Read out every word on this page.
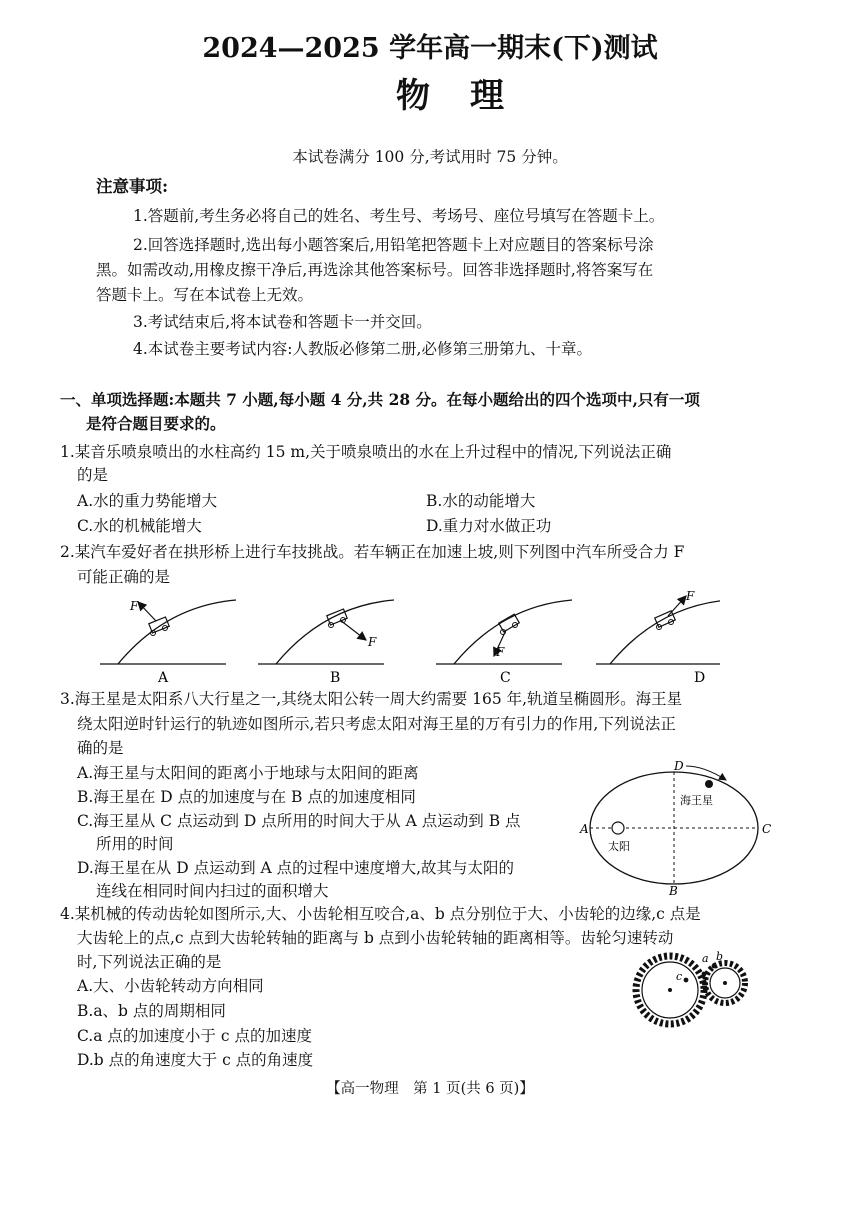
2024—2025 学年高一期末(下)测试
物理
本试卷满分 100 分,考试用时 75 分钟。
注意事项:
1.答题前,考生务必将自己的姓名、考生号、考场号、座位号填写在答题卡上。
2.回答选择题时,选出每小题答案后,用铅笔把答题卡上对应题目的答案标号涂
黑。如需改动,用橡皮擦干净后,再选涂其他答案标号。回答非选择题时,将答案写在
答题卡上。写在本试卷上无效。
3.考试结束后,将本试卷和答题卡一并交回。
4.本试卷主要考试内容:人教版必修第二册,必修第三册第九、十章。
一、单项选择题:本题共 7 小题,每小题 4 分,共 28 分。在每小题给出的四个选项中,只有一项
是符合题目要求的。
1.某音乐喷泉喷出的水柱高约 15 m,关于喷泉喷出的水在上升过程中的情况,下列说法正确
的是
A.水的重力势能增大	B.水的动能增大
C.水的机械能增大	D.重力对水做正功
2.某汽车爱好者在拱形桥上进行车技挑战。若车辆正在加速上坡,则下列图中汽车所受合力 F
可能正确的是
F
A
F
B
F
C
F
D
3.海王星是太阳系八大行星之一,其绕太阳公转一周大约需要 165 年,轨道呈椭圆形。海王星
绕太阳逆时针运行的轨迹如图所示,若只考虑太阳对海王星的万有引力的作用,下列说法正
确的是
A.海王星与太阳间的距离小于地球与太阳间的距离
B.海王星在 D 点的加速度与在 B 点的加速度相同
C.海王星从 C 点运动到 D 点所用的时间大于从 A 点运动到 B 点
所用的时间
D.海王星在从 D 点运动到 A 点的过程中速度增大,故其与太阳的
连线在相同时间内扫过的面积增大
D
A	C
B
海王星
太阳
4.某机械的传动齿轮如图所示,大、小齿轮相互咬合,a、b 点分别位于大、小齿轮的边缘,c 点是
大齿轮上的点,c 点到大齿轮转轴的距离与 b 点到小齿轮转轴的距离相等。齿轮匀速转动
时,下列说法正确的是
A.大、小齿轮转动方向相同
B.a、b 点的周期相同
C.a 点的加速度小于 c 点的加速度
D.b 点的角速度大于 c 点的角速度
c
a b
【高一物理　第 1 页(共 6 页)】
